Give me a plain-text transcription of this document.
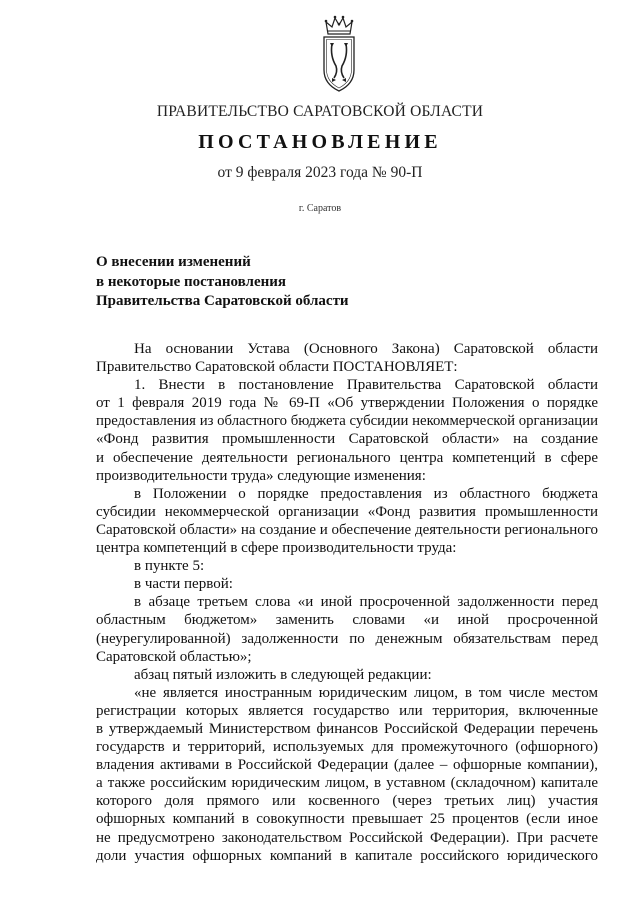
ПРАВИТЕЛЬСТВО САРАТОВСКОЙ ОБЛАСТИ
ПОСТАНОВЛЕНИЕ
от 9 февраля 2023 года № 90-П
г. Саратов
О внесении изменений
в некоторые постановления
Правительства Саратовской области
На основании Устава (Основного Закона) Саратовской области
Правительство Саратовской области ПОСТАНОВЛЯЕТ:
1. Внести в постановление Правительства Саратовской области
от 1 февраля 2019 года № 69-П «Об утверждении Положения о порядке
предоставления из областного бюджета субсидии некоммерческой организации
«Фонд развития промышленности Саратовской области» на создание
и обеспечение деятельности регионального центра компетенций в сфере
производительности труда» следующие изменения:
в Положении о порядке предоставления из областного бюджета
субсидии некоммерческой организации «Фонд развития промышленности
Саратовской области» на создание и обеспечение деятельности регионального
центра компетенций в сфере производительности труда:
в пункте 5:
в части первой:
в абзаце третьем слова «и иной просроченной задолженности перед
областным бюджетом» заменить словами «и иной просроченной
(неурегулированной) задолженности по денежным обязательствам перед
Саратовской областью»;
абзац пятый изложить в следующей редакции:
«не является иностранным юридическим лицом, в том числе местом
регистрации которых является государство или территория, включенные
в утверждаемый Министерством финансов Российской Федерации перечень
государств и территорий, используемых для промежуточного (офшорного)
владения активами в Российской Федерации (далее – офшорные компании),
а также российским юридическим лицом, в уставном (складочном) капитале
которого доля прямого или косвенного (через третьих лиц) участия
офшорных компаний в совокупности превышает 25 процентов (если иное
не предусмотрено законодательством Российской Федерации). При расчете
доли участия офшорных компаний в капитале российского юридического
